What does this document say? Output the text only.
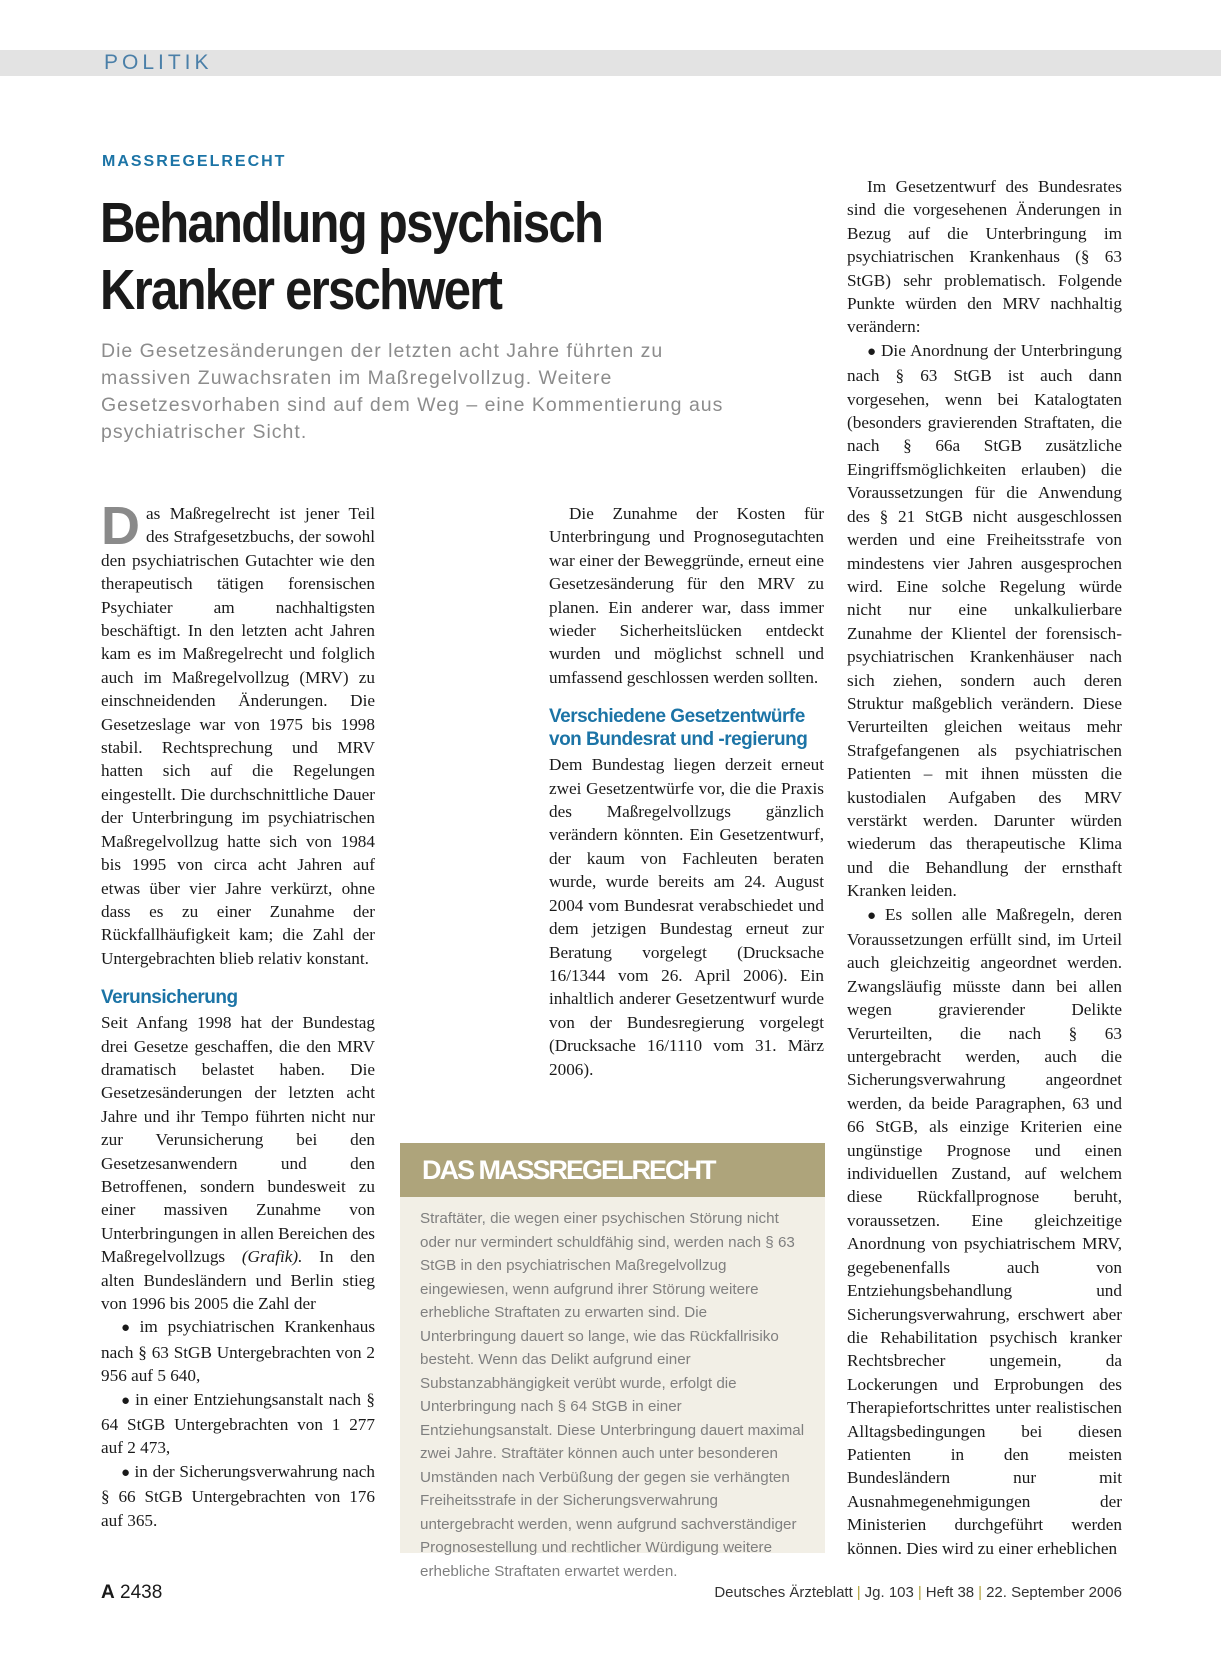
POLITIK
MASSREGELRECHT
Behandlung psychisch Kranker erschwert

Die Gesetzesänderungen der letzten acht Jahre führten zu massiven Zuwachsraten im Maßregelvollzug. Weitere Gesetzesvorhaben sind auf dem Weg – eine Kommentierung aus psychiatrischer Sicht.

Das Maßregelrecht ist jener Teil des Strafgesetzbuchs, der sowohl den psychiatrischen Gutachter wie den therapeutisch tätigen forensischen Psychiater am nachhaltigsten beschäftigt. In den letzten acht Jahren kam es im Maßregelrecht und folglich auch im Maßregelvollzug (MRV) zu einschneidenden Änderungen. Die Gesetzeslage war von 1975 bis 1998 stabil. Rechtsprechung und MRV hatten sich auf die Regelungen eingestellt. Die durchschnittliche Dauer der Unterbringung im psychiatrischen Maßregelvollzug hatte sich von 1984 bis 1995 von circa acht Jahren auf etwas über vier Jahre verkürzt, ohne dass es zu einer Zunahme der Rückfallhäufigkeit kam; die Zahl der Untergebrachten blieb relativ konstant.

Verunsicherung

Seit Anfang 1998 hat der Bundestag drei Gesetze geschaffen, die den MRV dramatisch belastet haben. Die Gesetzesänderungen der letzten acht Jahre und ihr Tempo führten nicht nur zur Verunsicherung bei den Gesetzesanwendern und den Betroffenen, sondern bundesweit zu einer massiven Zunahme von Unterbringungen in allen Bereichen des Maßregelvollzugs (Grafik). In den alten Bundesländern und Berlin stieg von 1996 bis 2005 die Zahl der

● im psychiatrischen Krankenhaus nach § 63 StGB Untergebrachten von 2 956 auf 5 640,

● in einer Entziehungsanstalt nach § 64 StGB Untergebrachten von 1 277 auf 2 473,

● in der Sicherungsverwahrung nach § 66 StGB Untergebrachten von 176 auf 365.

Die Zunahme der Kosten für Unterbringung und Prognosegutachten war einer der Beweggründe, erneut eine Gesetzesänderung für den MRV zu planen. Ein anderer war, dass immer wieder Sicherheitslücken entdeckt wurden und möglichst schnell und umfassend geschlossen werden sollten.

Verschiedene Gesetzentwürfe von Bundesrat und -regierung

Dem Bundestag liegen derzeit erneut zwei Gesetzentwürfe vor, die die Praxis des Maßregelvollzugs gänzlich verändern könnten. Ein Gesetzentwurf, der kaum von Fachleuten beraten wurde, wurde bereits am 24. August 2004 vom Bundesrat verabschiedet und dem jetzigen Bundestag erneut zur Beratung vorgelegt (Drucksache 16/1344 vom 26. April 2006). Ein inhaltlich anderer Gesetzentwurf wurde von der Bundesregierung vorgelegt (Drucksache 16/1110 vom 31. März 2006).

Im Gesetzentwurf des Bundesrates sind die vorgesehenen Änderungen in Bezug auf die Unterbringung im psychiatrischen Krankenhaus (§ 63 StGB) sehr problematisch. Folgende Punkte würden den MRV nachhaltig verändern:

● Die Anordnung der Unterbringung nach § 63 StGB ist auch dann vorgesehen, wenn bei Katalogtaten (besonders gravierenden Straftaten, die nach § 66a StGB zusätzliche Eingriffsmöglichkeiten erlauben) die Voraussetzungen für die Anwendung des § 21 StGB nicht ausgeschlossen werden und eine Freiheitsstrafe von mindestens vier Jahren ausgesprochen wird. Eine solche Regelung würde nicht nur eine unkalkulierbare Zunahme der Klientel der forensisch-psychiatrischen Krankenhäuser nach sich ziehen, sondern auch deren Struktur maßgeblich verändern. Diese Verurteilten gleichen weitaus mehr Strafgefangenen als psychiatrischen Patienten – mit ihnen müssten die kustodialen Aufgaben des MRV verstärkt werden. Darunter würden wiederum das therapeutische Klima und die Behandlung der ernsthaft Kranken leiden.

● Es sollen alle Maßregeln, deren Voraussetzungen erfüllt sind, im Urteil auch gleichzeitig angeordnet werden. Zwangsläufig müsste dann bei allen wegen gravierender Delikte Verurteilten, die nach § 63 untergebracht werden, auch die Sicherungsverwahrung angeordnet werden, da beide Paragraphen, 63 und 66 StGB, als einzige Kriterien eine ungünstige Prognose und einen individuellen Zustand, auf welchem diese Rückfallprognose beruht, voraussetzen. Eine gleichzeitige Anordnung von psychiatrischem MRV, gegebenenfalls auch von Entziehungsbehandlung und Sicherungsverwahrung, erschwert aber die Rehabilitation psychisch kranker Rechtsbrecher ungemein, da Lockerungen und Erprobungen des Therapiefortschrittes unter realistischen Alltagsbedingungen bei diesen Patienten in den meisten Bundesländern nur mit Ausnahmegenehmigungen der Ministerien durchgeführt werden können. Dies wird zu einer erheblichen

DAS MASSREGELRECHT

Straftäter, die wegen einer psychischen Störung nicht oder nur vermindert schuldfähig sind, werden nach § 63 StGB in den psychiatrischen Maßregelvollzug eingewiesen, wenn aufgrund ihrer Störung weitere erhebliche Straftaten zu erwarten sind. Die Unterbringung dauert so lange, wie das Rückfallrisiko besteht. Wenn das Delikt aufgrund einer Substanzabhängigkeit verübt wurde, erfolgt die Unterbringung nach § 64 StGB in einer Entziehungsanstalt. Diese Unterbringung dauert maximal zwei Jahre. Straftäter können auch unter besonderen Umständen nach Verbüßung der gegen sie verhängten Freiheitsstrafe in der Sicherungsverwahrung untergebracht werden, wenn aufgrund sachverständiger Prognosestellung und rechtlicher Würdigung weitere erhebliche Straftaten erwartet werden.

A 2438	Deutsches Ärzteblatt | Jg. 103 | Heft 38 | 22. September 2006
